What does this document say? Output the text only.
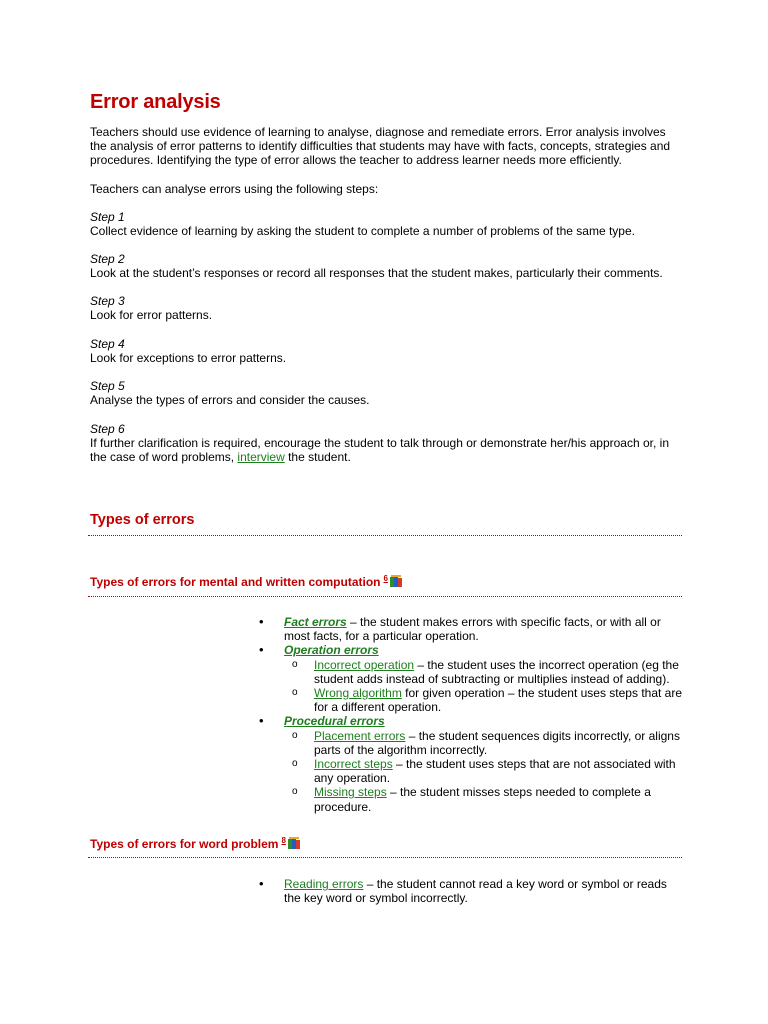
Error analysis

Teachers should use evidence of learning to analyse, diagnose and remediate errors. Error analysis involves the analysis of error patterns to identify difficulties that students may have with facts, concepts, strategies and procedures. Identifying the type of error allows the teacher to address learner needs more efficiently.

Teachers can analyse errors using the following steps:

Step 1
Collect evidence of learning by asking the student to complete a number of problems of the same type.
Step 2
Look at the student’s responses or record all responses that the student makes, particularly their comments.
Step 3
Look for error patterns.
Step 4
Look for exceptions to error patterns.
Step 5
Analyse the types of errors and consider the causes.
Step 6
If further clarification is required, encourage the student to talk through or demonstrate her/his approach or, in the case of word problems, interview the student.
Types of errors
Types of errors for mental and written computation $^6$
Types of errors for word problem $^8$
• Fact errors – the student makes errors with specific facts, or with all or most facts, for a particular operation.
• Operation errors
o Incorrect operation – the student uses the incorrect operation (eg the student adds instead of subtracting or multiplies instead of adding).
o Wrong algorithm for given operation – the student uses steps that are for a different operation.
• Procedural errors
o Placement errors – the student sequences digits incorrectly, or aligns parts of the algorithm incorrectly.
o Incorrect steps – the student uses steps that are not associated with any operation.
o Missing steps – the student misses steps needed to complete a procedure.
• Reading errors – the student cannot read a key word or symbol or reads the key word or symbol incorrectly.
